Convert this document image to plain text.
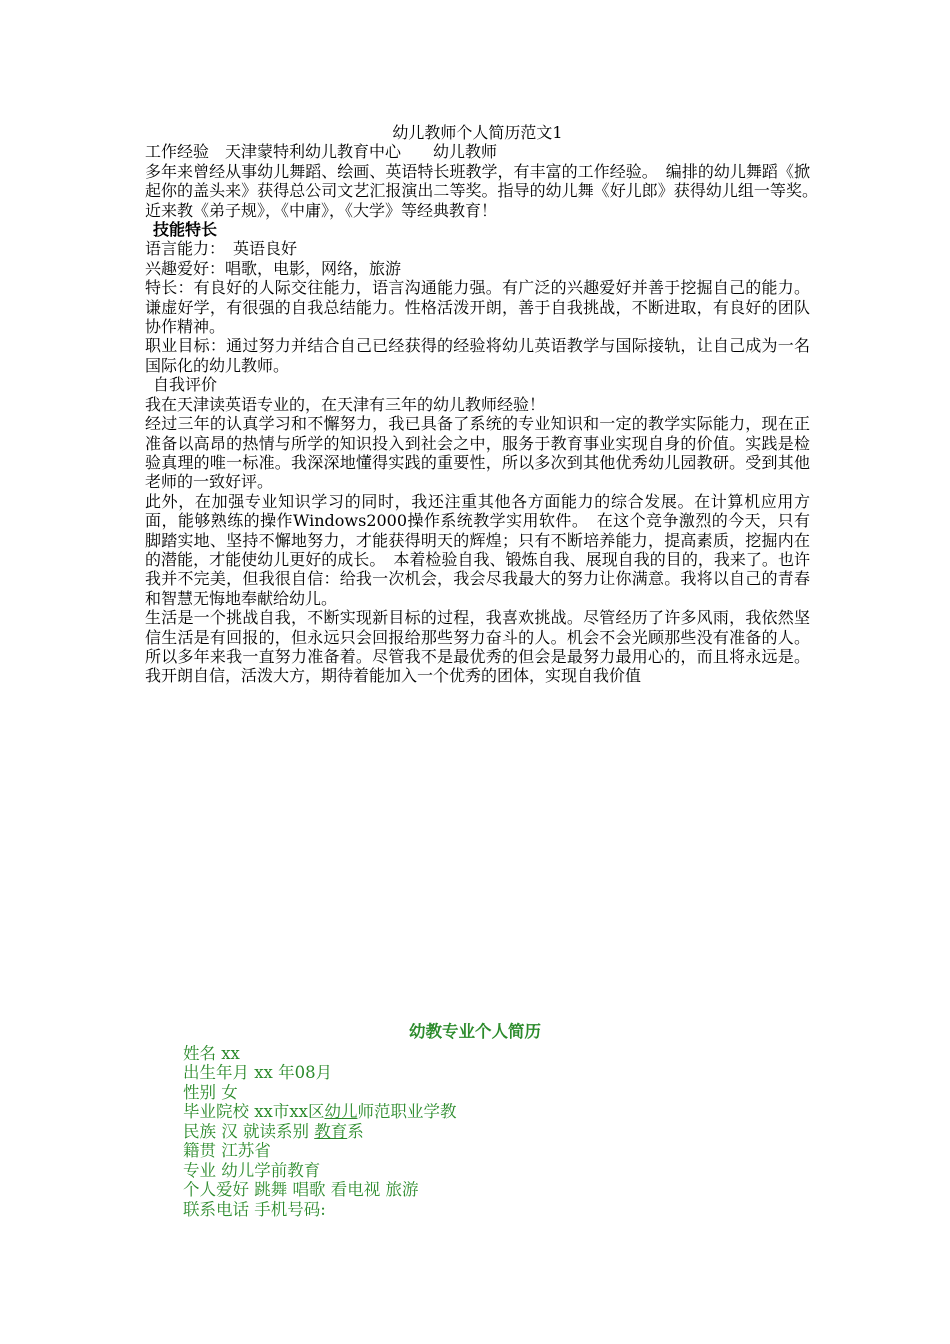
幼儿教师个人简历范文1

工作经验　天津蒙特利幼儿教育中心　　幼儿教师

多年来曾经从事幼儿舞蹈、绘画、英语特长班教学，有丰富的工作经验。　编排的幼儿舞蹈《掀起你的盖头来》获得总公司文艺汇报演出二等奖。指导的幼儿舞《好儿郎》获得幼儿组一等奖。　近来教《弟子规》，《中庸》，《大学》等经典教育！

技能特长

语言能力：　英语良好

兴趣爱好：唱歌，电影，网络，旅游

特长：有良好的人际交往能力，语言沟通能力强。有广泛的兴趣爱好并善于挖掘自己的能力。谦虚好学，有很强的自我总结能力。性格活泼开朗，善于自我挑战，不断进取，有良好的团队协作精神。

职业目标：通过努力并结合自己已经获得的经验将幼儿英语教学与国际接轨，让自己成为一名国际化的幼儿教师。

自我评价

我在天津读英语专业的，在天津有三年的幼儿教师经验！

经过三年的认真学习和不懈努力，我已具备了系统的专业知识和一定的教学实际能力，现在正准备以高昂的热情与所学的知识投入到社会之中，服务于教育事业实现自身的价值。实践是检验真理的唯一标准。我深深地懂得实践的重要性，所以多次到其他优秀幼儿园教研。受到其他老师的一致好评。

此外，在加强专业知识学习的同时，我还注重其他各方面能力的综合发展。在计算机应用方面，能够熟练的操作Windows2000操作系统教学实用软件。　在这个竞争激烈的今天，只有脚踏实地、坚持不懈地努力，才能获得明天的辉煌；只有不断培养能力，提高素质，挖掘内在的潜能，才能使幼儿更好的成长。　本着检验自我、锻炼自我、展现自我的目的，我来了。也许我并不完美，但我很自信：给我一次机会，我会尽我最大的努力让你满意。我将以自己的青春和智慧无悔地奉献给幼儿。

生活是一个挑战自我，不断实现新目标的过程，我喜欢挑战。尽管经历了许多风雨，我依然坚信生活是有回报的，但永远只会回报给那些努力奋斗的人。机会不会光顾那些没有准备的人。所以多年来我一直努力准备着。尽管我不是最优秀的但会是最努力最用心的，而且将永远是。我开朗自信，活泼大方，期待着能加入一个优秀的团体，实现自我价值

幼教专业个人简历
姓名 xx
出生年月 xx 年08月
性别 女
毕业院校 xx市xx区幼儿师范职业学教
民族 汉 就读系别 教育系
籍贯 江苏省
专业 幼儿学前教育
个人爱好 跳舞 唱歌 看电视 旅游
联系电话 手机号码:
